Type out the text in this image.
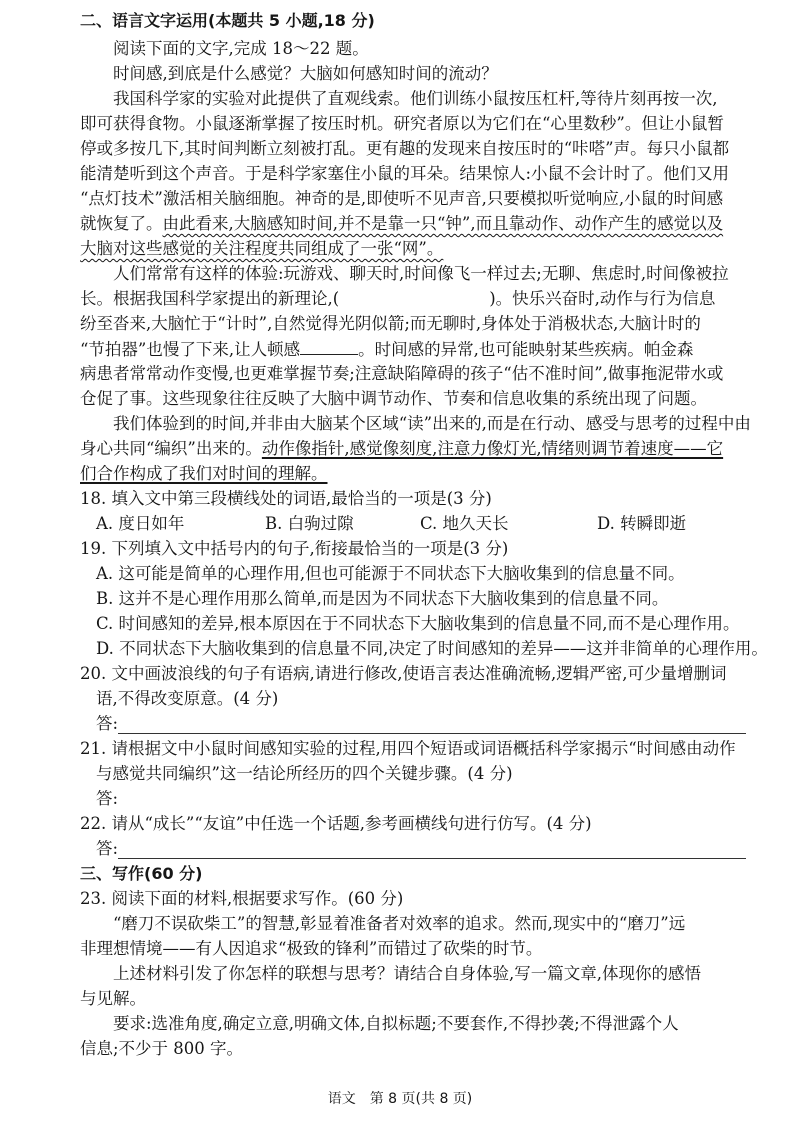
二、语言文字运用(本题共 5 小题,18 分)
阅读下面的文字,完成 18～22 题。
时间感,到底是什么感觉？大脑如何感知时间的流动？
我国科学家的实验对此提供了直观线索。他们训练小鼠按压杠杆,等待片刻再按一次,
即可获得食物。小鼠逐渐掌握了按压时机。研究者原以为它们在“心里数秒”。但让小鼠暂
停或多按几下,其时间判断立刻被打乱。更有趣的发现来自按压时的“咔嗒”声。每只小鼠都
能清楚听到这个声音。于是科学家塞住小鼠的耳朵。结果惊人:小鼠不会计时了。他们又用
“点灯技术”激活相关脑细胞。神奇的是,即使听不见声音,只要模拟听觉响应,小鼠的时间感
就恢复了。由此看来,大脑感知时间,并不是靠一只“钟”,而且靠动作、动作产生的感觉以及
大脑对这些感觉的关注程度共同组成了一张“网”。
人们常常有这样的体验:玩游戏、聊天时,时间像飞一样过去;无聊、焦虑时,时间像被拉
长。根据我国科学家提出的新理论,(	)。快乐兴奋时,动作与行为信息
纷至沓来,大脑忙于“计时”,自然觉得光阴似箭;而无聊时,身体处于消极状态,大脑计时的
“节拍器”也慢了下来,让人顿感	。时间感的异常,也可能映射某些疾病。帕金森
病患者常常动作变慢,也更难掌握节奏;注意缺陷障碍的孩子“估不准时间”,做事拖泥带水或
仓促了事。这些现象往往反映了大脑中调节动作、节奏和信息收集的系统出现了问题。
我们体验到的时间,并非由大脑某个区域“读”出来的,而是在行动、感受与思考的过程中由
身心共同“编织”出来的。动作像指针,感觉像刻度,注意力像灯光,情绪则调节着速度——它
们合作构成了我们对时间的理解。
18. 填入文中第三段横线处的词语,最恰当的一项是(3 分)
A. 度日如年	B. 白驹过隙	C. 地久天长	D. 转瞬即逝
19. 下列填入文中括号内的句子,衔接最恰当的一项是(3 分)
A. 这可能是简单的心理作用,但也可能源于不同状态下大脑收集到的信息量不同。
B. 这并不是心理作用那么简单,而是因为不同状态下大脑收集到的信息量不同。
C. 时间感知的差异,根本原因在于不同状态下大脑收集到的信息量不同,而不是心理作用。
D. 不同状态下大脑收集到的信息量不同,决定了时间感知的差异——这并非简单的心理作用。
20. 文中画波浪线的句子有语病,请进行修改,使语言表达准确流畅,逻辑严密,可少量增删词
语,不得改变原意。(4 分)
答:
21. 请根据文中小鼠时间感知实验的过程,用四个短语或词语概括科学家揭示“时间感由动作
与感觉共同编织”这一结论所经历的四个关键步骤。(4 分)
答:
22. 请从“成长”“友谊”中任选一个话题,参考画横线句进行仿写。(4 分)
答:
三、写作(60 分)
23. 阅读下面的材料,根据要求写作。(60 分)
“磨刀不误砍柴工”的智慧,彰显着准备者对效率的追求。然而,现实中的“磨刀”远
非理想情境——有人因追求“极致的锋利”而错过了砍柴的时节。
上述材料引发了你怎样的联想与思考？请结合自身体验,写一篇文章,体现你的感悟
与见解。
要求:选准角度,确定立意,明确文体,自拟标题;不要套作,不得抄袭;不得泄露个人
信息;不少于 800 字。
语文　第 8 页(共 8 页)
